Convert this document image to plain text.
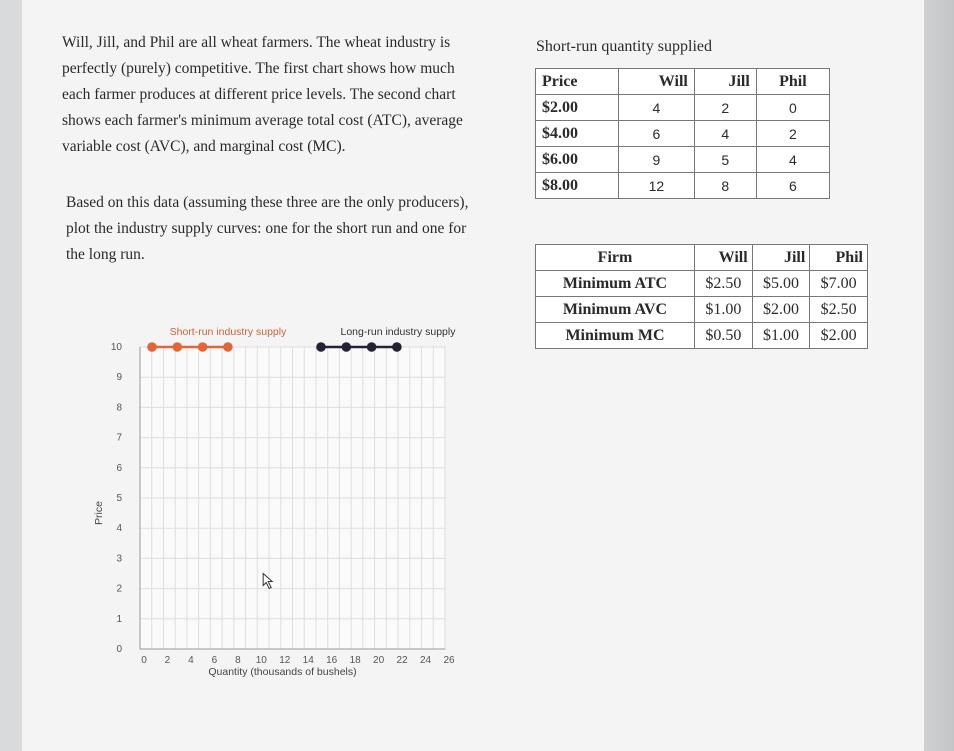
Will, Jill, and Phil are all wheat farmers. The wheat industry is perfectly (purely) competitive. The first chart shows how much each farmer produces at different price levels. The second chart shows each farmer's minimum average total cost (ATC), average variable cost (AVC), and marginal cost (MC).

Based on this data (assuming these three are the only producers), plot the industry supply curves: one for the short run and one for the long run.

Short-run quantity supplied
Price	Will	Jill	Phil
$2.00	4	2	0
$4.00	6	4	2
$6.00	9	5	4
$8.00	12	8	6
Firm	Will	Jill	Phil
Minimum ATC	$2.50	$5.00	$7.00
Minimum AVC	$1.00	$2.00	$2.50
Minimum MC	$0.50	$1.00	$2.00
0
1
2
3
4
5
6
7
8
9
10
0 2 4 6 8 10 12 14 16 18 20 22 24 26
Quantity (thousands of bushels)
Price
Short-run industry supply	Long-run industry supply
